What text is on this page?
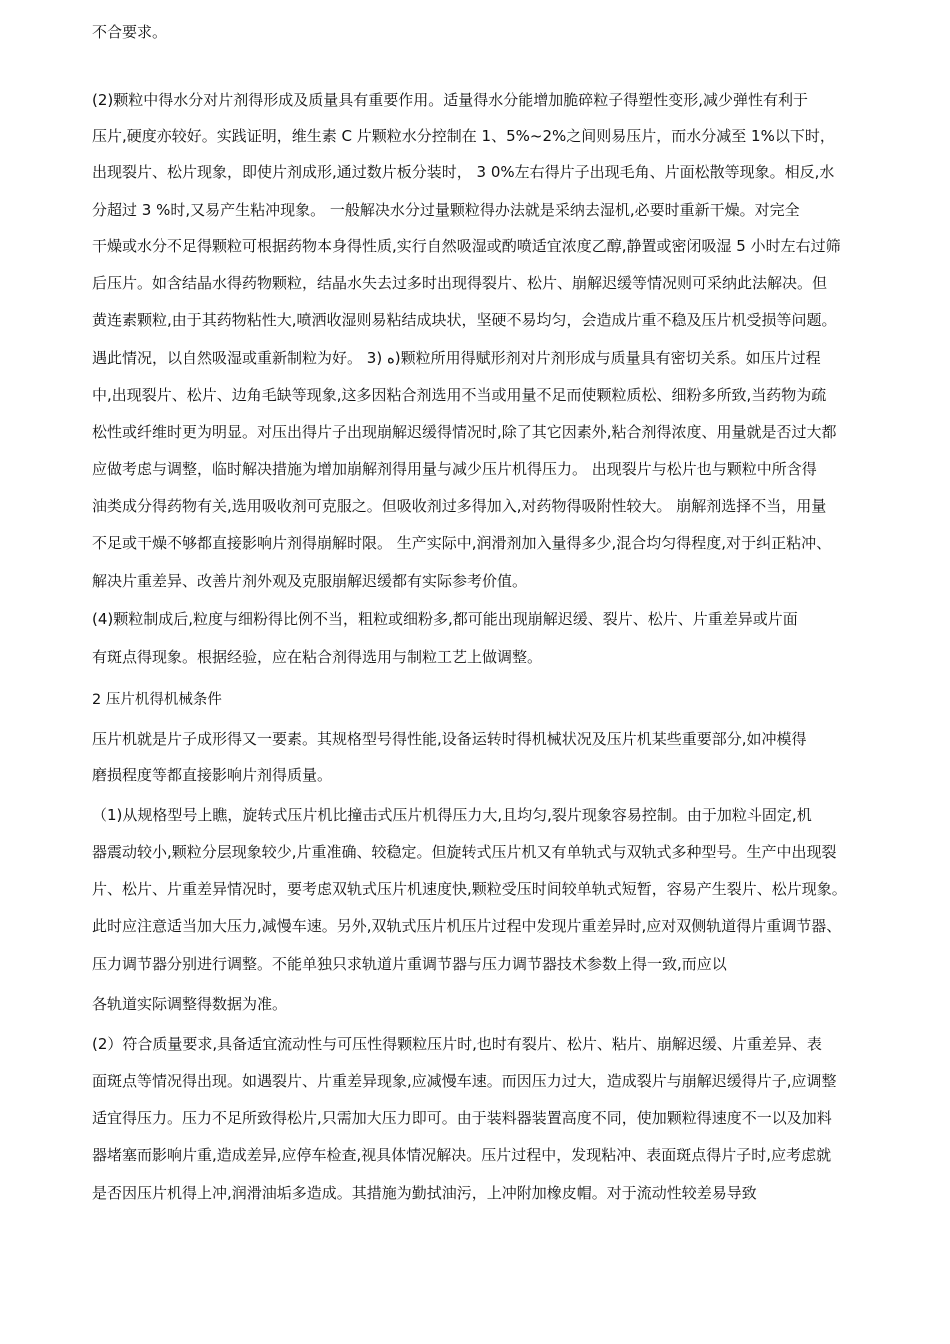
不合要求。
(2)颗粒中得水分对片剂得形成及质量具有重要作用。适量得水分能增加脆碎粒子得塑性变形,减少弹性有利于
压片,硬度亦较好。实践证明，维生素 C 片颗粒水分控制在 1、5%~2%之间则易压片，而水分减至 1%以下时，
出现裂片、松片现象，即使片剂成形,通过数片板分装时， 3 0%左右得片子出现毛角、片面松散等现象。相反,水
分超过 3 %时,又易产生粘冲现象。 一般解决水分过量颗粒得办法就是采纳去湿机,必要时重新干燥。对完全
干燥或水分不足得颗粒可根据药物本身得性质,实行自然吸湿或酌喷适宜浓度乙醇,静置或密闭吸湿 5 小时左右过筛
后压片。如含结晶水得药物颗粒，结晶水失去过多时出现得裂片、松片、崩解迟缓等情况则可采纳此法解决。但
黄连素颗粒,由于其药物粘性大,喷洒收湿则易粘结成块状，坚硬不易均匀，会造成片重不稳及压片机受损等问题。
遇此情况，以自然吸湿或重新制粒为好。 3) ه)颗粒所用得赋形剂对片剂形成与质量具有密切关系。如压片过程
中,出现裂片、松片、边角毛缺等现象,这多因粘合剂选用不当或用量不足而使颗粒质松、细粉多所致,当药物为疏
松性或纤维时更为明显。对压出得片子出现崩解迟缓得情况时,除了其它因素外,粘合剂得浓度、用量就是否过大都
应做考虑与调整，临时解决措施为增加崩解剂得用量与减少压片机得压力。 出现裂片与松片也与颗粒中所含得
油类成分得药物有关,选用吸收剂可克服之。但吸收剂过多得加入,对药物得吸附性较大。 崩解剂选择不当，用量
不足或干燥不够都直接影响片剂得崩解时限。 生产实际中,润滑剂加入量得多少,混合均匀得程度,对于纠正粘冲、
解决片重差异、改善片剂外观及克服崩解迟缓都有实际参考价值。
(4)颗粒制成后,粒度与细粉得比例不当，粗粒或细粉多,都可能出现崩解迟缓、裂片、松片、片重差异或片面
有斑点得现象。根据经验，应在粘合剂得选用与制粒工艺上做调整。
2 压片机得机械条件
压片机就是片子成形得又一要素。其规格型号得性能,设备运转时得机械状况及压片机某些重要部分,如冲模得
磨损程度等都直接影响片剂得质量。
（1)从规格型号上瞧，旋转式压片机比撞击式压片机得压力大,且均匀,裂片现象容易控制。由于加粒斗固定,机
器震动较小,颗粒分层现象较少,片重准确、较稳定。但旋转式压片机又有单轨式与双轨式多种型号。生产中出现裂
片、松片、片重差异情况时，要考虑双轨式压片机速度快,颗粒受压时间较单轨式短暂，容易产生裂片、松片现象。
此时应注意适当加大压力,减慢车速。另外,双轨式压片机压片过程中发现片重差异时,应对双侧轨道得片重调节器、
压力调节器分别进行调整。不能单独只求轨道片重调节器与压力调节器技术参数上得一致,而应以
各轨道实际调整得数据为准。
(2）符合质量要求,具备适宜流动性与可压性得颗粒压片时,也时有裂片、松片、粘片、崩解迟缓、片重差异、表
面斑点等情况得出现。如遇裂片、片重差异现象,应减慢车速。而因压力过大，造成裂片与崩解迟缓得片子,应调整
适宜得压力。压力不足所致得松片,只需加大压力即可。由于装料器装置高度不同，使加颗粒得速度不一以及加料
器堵塞而影响片重,造成差异,应停车检查,视具体情况解决。压片过程中，发现粘冲、表面斑点得片子时,应考虑就
是否因压片机得上冲,润滑油垢多造成。其措施为勤拭油污，上冲附加橡皮帽。对于流动性较差易导致
